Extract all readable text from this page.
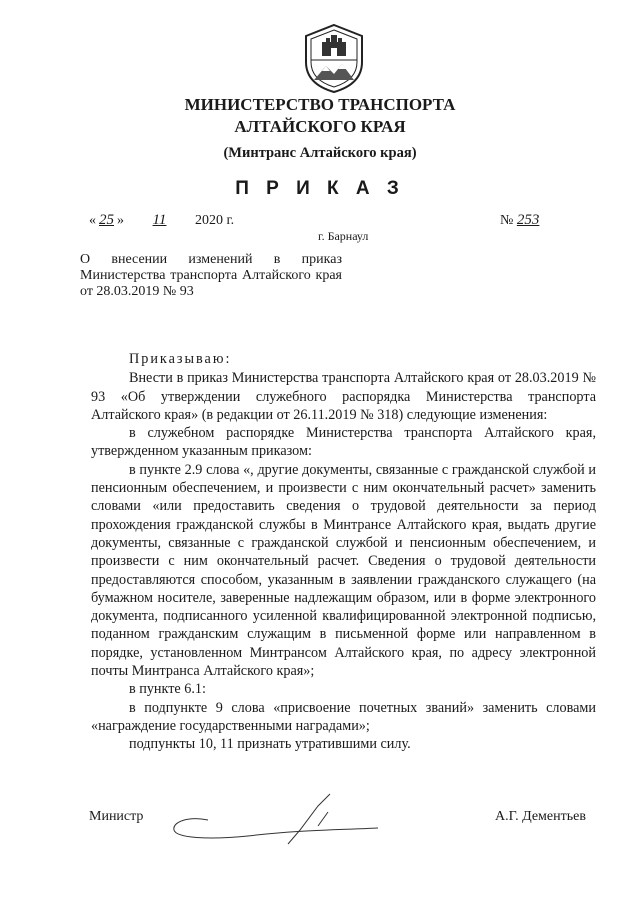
МИНИСТЕРСТВО ТРАНСПОРТА
АЛТАЙСКОГО КРАЯ
(Минтранс Алтайского края)
П Р И К А З
« 25 » 11 2020 г.	№ 253
г. Барнаул
О внесении изменений в приказ Министерства транспорта Алтайского края от 28.03.2019 № 93

Приказываю:

Внести в приказ Министерства транспорта Алтайского края от 28.03.2019 № 93 «Об утверждении служебного распорядка Министерства транспорта Алтайского края» (в редакции от 26.11.2019 № 318) следующие изменения:

в служебном распорядке Министерства транспорта Алтайского края, утвержденном указанным приказом:

в пункте 2.9 слова «, другие документы, связанные с гражданской службой и пенсионным обеспечением, и произвести с ним окончательный расчет» заменить словами «или предоставить сведения о трудовой деятельности за период прохождения гражданской службы в Минтрансе Алтайского края, выдать другие документы, связанные с гражданской службой и пенсионным обеспечением, и произвести с ним окончательный расчет. Сведения о трудовой деятельности предоставляются способом, указанным в заявлении гражданского служащего (на бумажном носителе, заверенные надлежащим образом, или в форме электронного документа, подписанного усиленной квалифицированной электронной подписью, поданном гражданским служащим в письменной форме или направленном в порядке, установленном Минтрансом Алтайского края, по адресу электронной почты Минтранса Алтайского края»;

в пункте 6.1:

в подпункте 9 слова «присвоение почетных званий» заменить словами «награждение государственными наградами»;

подпункты 10, 11 признать утратившими силу.

Министр	А.Г. Дементьев
